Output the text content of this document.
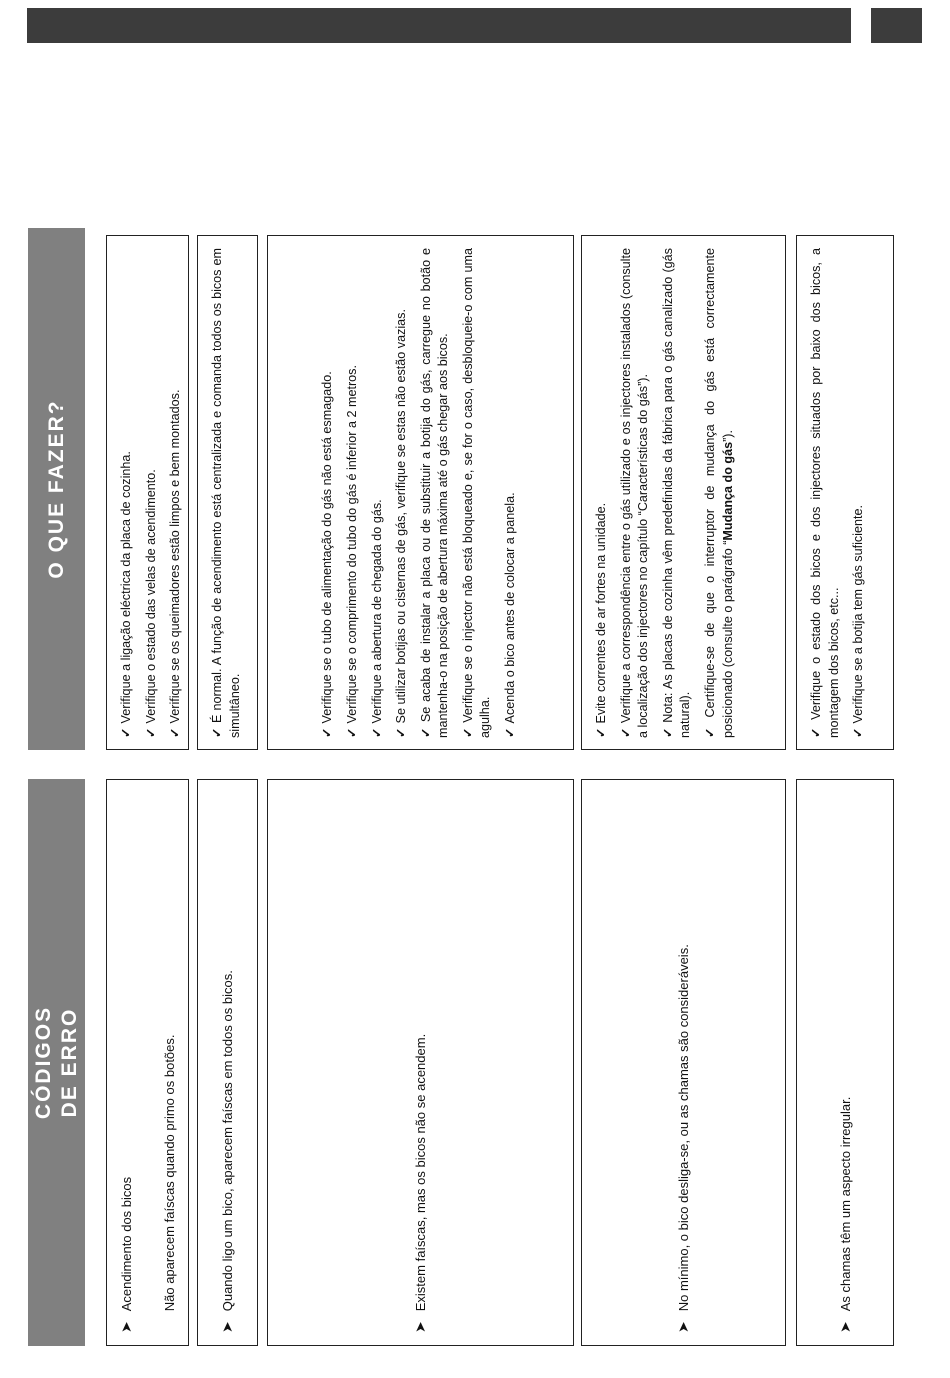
CÓDIGOS DE ERRO
O QUE FAZER?
➤
Acendimento dos bicos Não aparecem faíscas quando primo os botões.

✓Verifique a ligação eléctrica da placa de cozinha.

✓Verifique o estado das velas de acendimento.

✓Verifique se os queimadores estão limpos e bem montados.

➤
Quando ligo um bico, aparecem faíscas em todos os bicos.

✓É normal. A função de acendimento está centralizada e comanda todos os bicos em simultâneo.

➤
Existem faíscas, mas os bicos não se acendem.

✓Verifique se o tubo de alimentação do gás não está esmagado.

✓Verifique se o comprimento do tubo do gás é inferior a 2 metros.

✓Verifique a abertura de chegada do gás.

✓Se utilizar botijas ou cisternas de gás, verifique se estas não estão vazias.

✓Se acaba de instalar a placa ou de substituir a botija do gás, carregue no botão e mantenha-o na posição de abertura máxima até o gás chegar aos bicos. ✓Verifique se o injector não está bloqueado e, se for o caso, desbloqueie-o com uma agulha. ✓Acenda o bico antes de colocar a panela.

➤
No mínimo, o bico desliga-se, ou as chamas são consideráveis.

✓Evite correntes de ar fortes na unidade.

✓Verifique a correspondência entre o gás utilizado e os injectores instalados (consulte a localização dos injectores no capítulo “Características do gás”). ✓Nota: As placas de cozinha vêm predefinidas da fábrica para o gás canalizado (gás natural). ✓Certifique-se de que o interruptor de mudança do gás está correctamente posicionado (consulte o parágrafo “Mudança do gás”).

➤
As chamas têm um aspecto irregular.

✓Verifique o estado dos bicos e dos injectores situados por baixo dos bicos, a montagem dos bicos, etc... ✓Verifique se a botija tem gás suficiente.
